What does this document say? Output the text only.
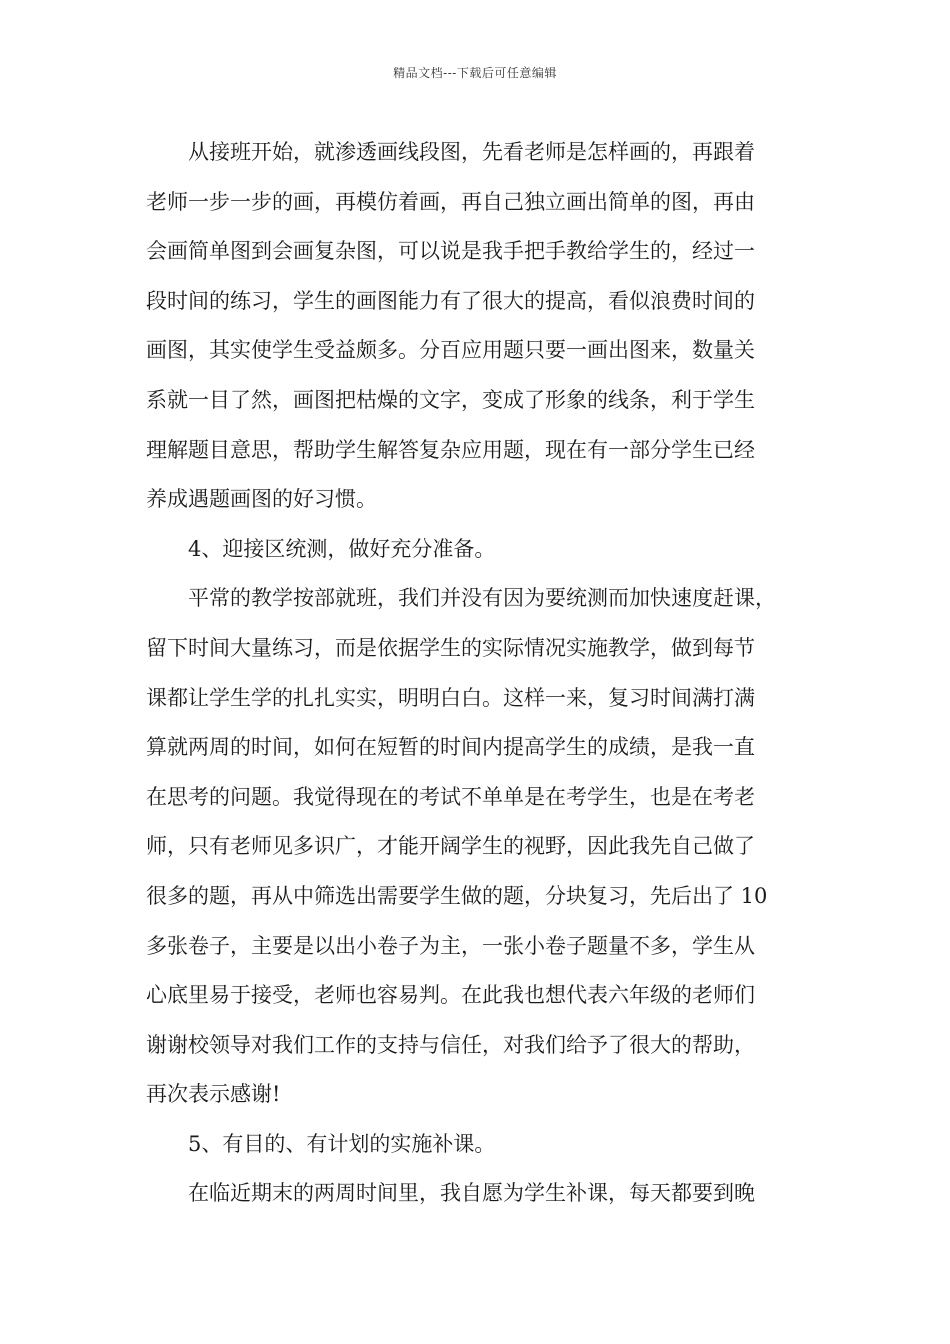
精品文档---下载后可任意编辑
从接班开始，就渗透画线段图，先看老师是怎样画的，再跟着
老师一步一步的画，再模仿着画，再自己独立画出简单的图，再由
会画简单图到会画复杂图，可以说是我手把手教给学生的，经过一
段时间的练习，学生的画图能力有了很大的提高，看似浪费时间的
画图，其实使学生受益颇多。分百应用题只要一画出图来，数量关
系就一目了然，画图把枯燥的文字，变成了形象的线条，利于学生
理解题目意思，帮助学生解答复杂应用题，现在有一部分学生已经
养成遇题画图的好习惯。
4、迎接区统测，做好充分准备。
平常的教学按部就班，我们并没有因为要统测而加快速度赶课，
留下时间大量练习，而是依据学生的实际情况实施教学，做到每节
课都让学生学的扎扎实实，明明白白。这样一来，复习时间满打满
算就两周的时间，如何在短暂的时间内提高学生的成绩，是我一直
在思考的问题。我觉得现在的考试不单单是在考学生，也是在考老
师，只有老师见多识广，才能开阔学生的视野，因此我先自己做了
很多的题，再从中筛选出需要学生做的题，分块复习，先后出了 10
多张卷子，主要是以出小卷子为主，一张小卷子题量不多，学生从
心底里易于接受，老师也容易判。在此我也想代表六年级的老师们
谢谢校领导对我们工作的支持与信任，对我们给予了很大的帮助，
再次表示感谢!
5、有目的、有计划的实施补课。
在临近期末的两周时间里，我自愿为学生补课，每天都要到晚
